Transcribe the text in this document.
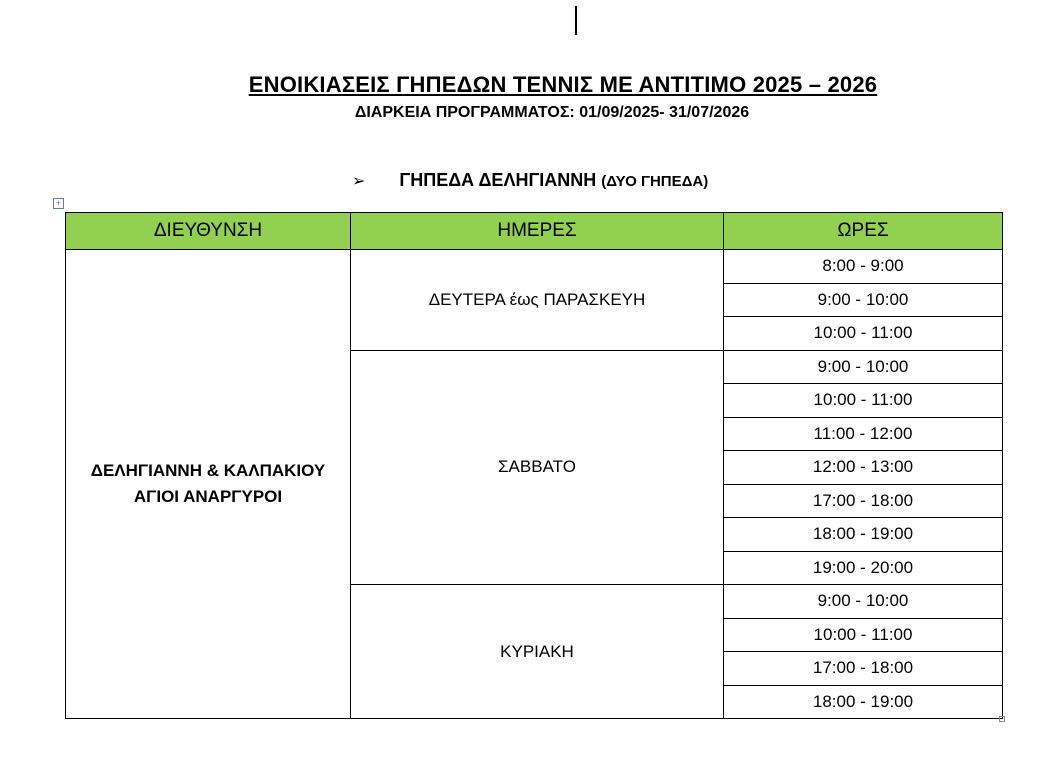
ΕΝΟΙΚΙΑΣΕΙΣ ΓΗΠΕΔΩΝ ΤΕΝΝΙΣ ΜΕ ΑΝΤΙΤΙΜΟ 2025 – 2026
ΔΙΑΡΚΕΙΑ ΠΡΟΓΡΑΜΜΑΤΟΣ: 01/09/2025- 31/07/2026
➢ ΓΗΠΕΔΑ ΔΕΛΗΓΙΑΝΝΗ (ΔΥΟ ΓΗΠΕΔΑ)
+
ΔΙΕΥΘΥΝΣΗ	ΗΜΕΡΕΣ	ΩΡΕΣ

ΔΕΛΗΓΙΑΝΝΗ & ΚΑΛΠΑΚΙΟΥ
ΑΓΙΟΙ ΑΝΑΡΓΥΡΟΙ	ΔΕΥΤΕΡΑ έως ΠΑΡΑΣΚΕΥΗ	8:00 - 9:00
		9:00 - 10:00
		10:00 - 11:00
	ΣΑΒΒΑΤΟ	9:00 - 10:00
		10:00 - 11:00
		11:00 - 12:00
		12:00 - 13:00
		17:00 - 18:00
		18:00 - 19:00
		19:00 - 20:00
	ΚΥΡΙΑΚΗ	9:00 - 10:00
		10:00 - 11:00
		17:00 - 18:00
		18:00 - 19:00
